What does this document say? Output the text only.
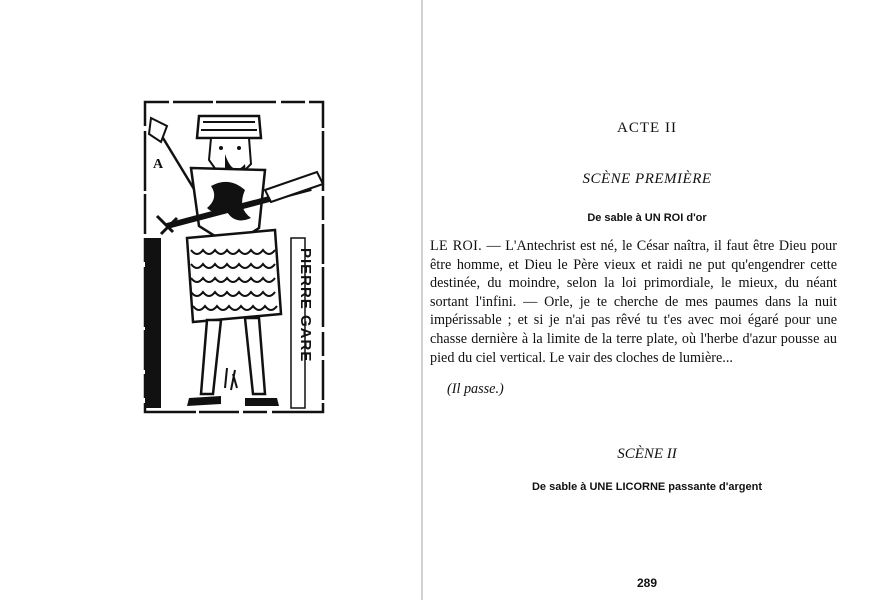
PIERRE GARE
A
ACTE II
SCÈNE PREMIÈRE

De sable à UN ROI d'or

LE ROI. — L'Antechrist est né, le César naîtra, il faut être Dieu pour être homme, et Dieu le Père vieux et raidi ne put qu'engendrer cette destinée, du moindre, selon la loi primordiale, le mieux, du néant sortant l'infini. — Orle, je te cherche de mes paumes dans la nuit impérissable ; et si je n'ai pas rêvé tu t'es avec moi égaré pour une chasse dernière à la limite de la terre plate, où l'herbe d'azur pousse au pied du ciel vertical. Le vair des cloches de lumière...

(Il passe.)

SCÈNE II

De sable à UNE LICORNE passante d'argent

289
